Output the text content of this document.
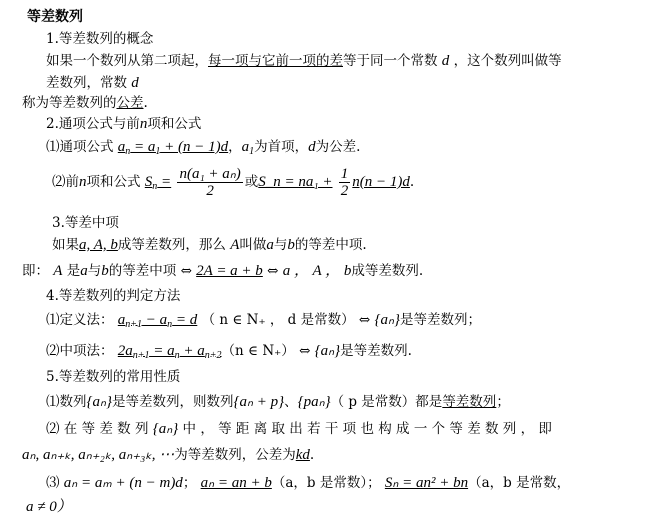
等差数列
1.等差数列的概念
如果一个数列从第二项起，每一项与它前一项的差等于同一个常数 d ，这个数列叫做等
差数列，常数 d
称为等差数列的公差.
2.通项公式与前n项和公式
⑴通项公式 $a_n = a_1 + (n - 1)d$，$a_1$为首项，d为公差.
⑵前n项和公式 $S_n = \frac{\text{n(a₁ + aₙ)}}{2}$ 或S_n = $na_1 + \frac{1}{2} n(n - 1)d$.
3.等差中项
如果a, A, b成等差数列，那么 A叫做a与b的等差中项.
即： A 是a与b的等差中项 ⇔ 2A = a + b ⇔ a ， A ， b成等差数列.
4.等差数列的判定方法
⑴定义法： $a_{n+1} - a_n = d$ （ n ∈ N₊ ， d 是常数） ⇔ {aₙ}是等差数列；
⑵中项法： $2a_{n+1} = a_n + a_{n+2}(n$ ∈ N₊） ⇔ {aₙ}是等差数列.
5.等差数列的常用性质
⑴数列{aₙ}是等差数列，则数列{aₙ + p}、{paₙ}（ p 是常数）都是等差数列；
⑵ 在 等 差 数 列 {aₙ} 中 ， 等 距 离 取 出 若 干 项 也 构 成 一 个 等 差 数 列 ， 即
aₙ, aₙ₊ₖ, aₙ₊₂ₖ, aₙ₊₃ₖ, ⋯为等差数列，公差为kd.
⑶ aₙ = aₘ + (n − m)d； aₙ = an + b（a，b 是常数）； Sₙ = an² + bn（a，b 是常数，
a ≠ 0）
